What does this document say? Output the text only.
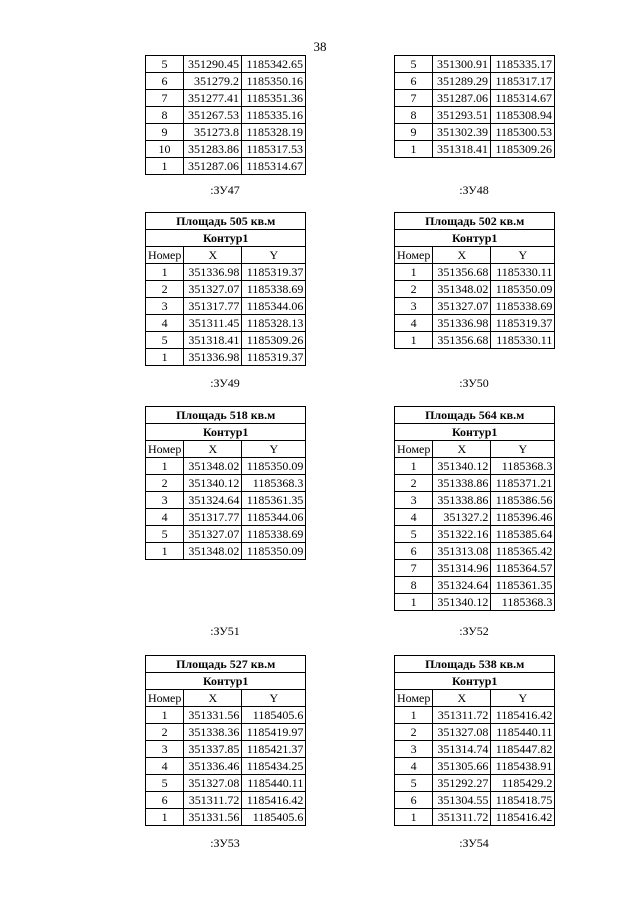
38
5	351290.45	1185342.65
6	351279.2	1185350.16
7	351277.41	1185351.36
8	351267.53	1185335.16
9	351273.8	1185328.19
10	351283.86	1185317.53
1	351287.06	1185314.67
:ЗУ47
5	351300.91	1185335.17
6	351289.29	1185317.17
7	351287.06	1185314.67
8	351293.51	1185308.94
9	351302.39	1185300.53
1	351318.41	1185309.26
:ЗУ48
Площадь 505 кв.м		
Контур1		
Номер	X	Y
1	351336.98	1185319.37
2	351327.07	1185338.69
3	351317.77	1185344.06
4	351311.45	1185328.13
5	351318.41	1185309.26
1	351336.98	1185319.37
:ЗУ49
Площадь 502 кв.м		
Контур1		
Номер	X	Y
1	351356.68	1185330.11
2	351348.02	1185350.09
3	351327.07	1185338.69
4	351336.98	1185319.37
1	351356.68	1185330.11
:ЗУ50
Площадь 518 кв.м		
Контур1		
Номер	X	Y
1	351348.02	1185350.09
2	351340.12	1185368.3
3	351324.64	1185361.35
4	351317.77	1185344.06
5	351327.07	1185338.69
1	351348.02	1185350.09
:ЗУ51
Площадь 564 кв.м		
Контур1		
Номер	X	Y
1	351340.12	1185368.3
2	351338.86	1185371.21
3	351338.86	1185386.56
4	351327.2	1185396.46
5	351322.16	1185385.64
6	351313.08	1185365.42
7	351314.96	1185364.57
8	351324.64	1185361.35
1	351340.12	1185368.3
:ЗУ52
Площадь 527 кв.м		
Контур1		
Номер	X	Y
1	351331.56	1185405.6
2	351338.36	1185419.97
3	351337.85	1185421.37
4	351336.46	1185434.25
5	351327.08	1185440.11
6	351311.72	1185416.42
1	351331.56	1185405.6
:ЗУ53
Площадь 538 кв.м		
Контур1		
Номер	X	Y
1	351311.72	1185416.42
2	351327.08	1185440.11
3	351314.74	1185447.82
4	351305.66	1185438.91
5	351292.27	1185429.2
6	351304.55	1185418.75
1	351311.72	1185416.42
:ЗУ54
